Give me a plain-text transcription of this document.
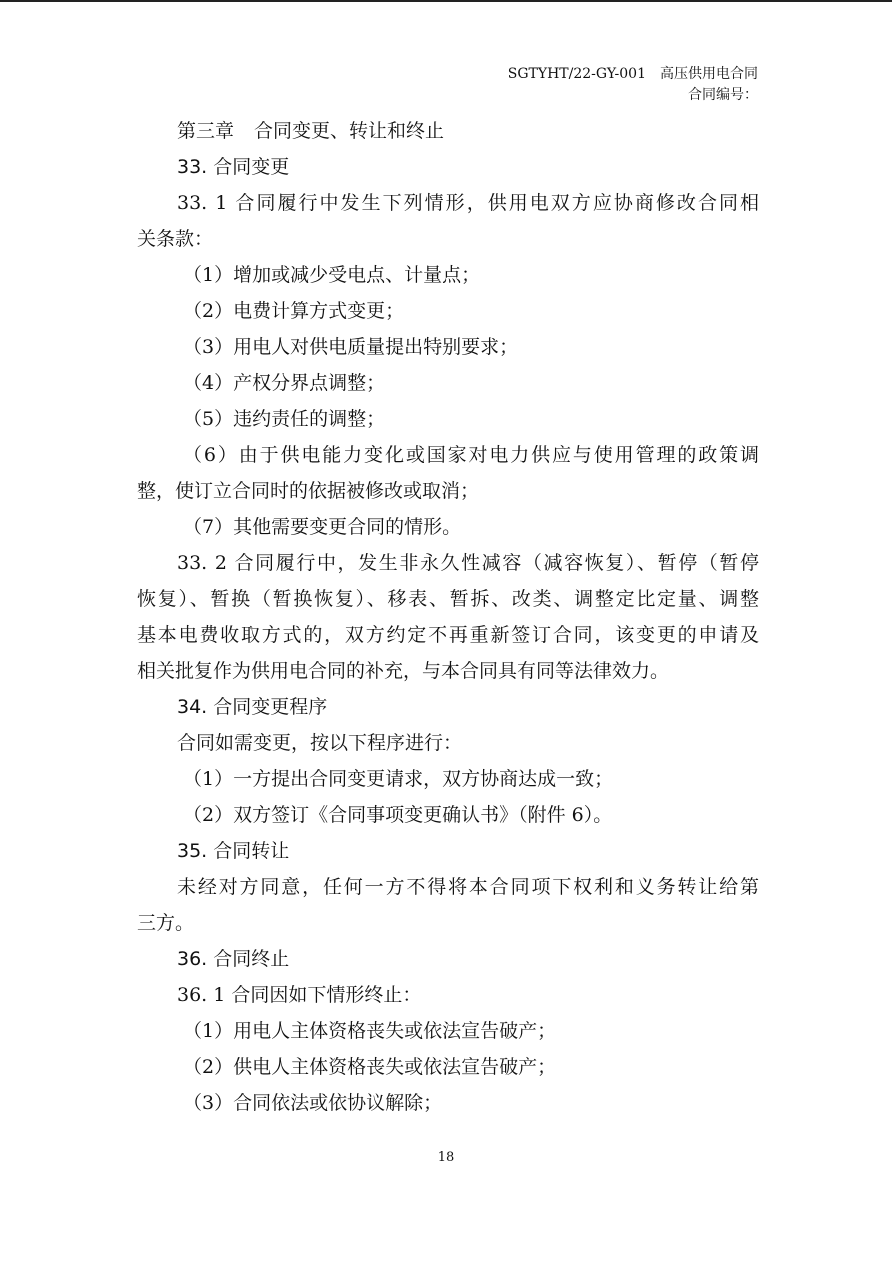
SGTYHT/22-GY-001 高压供用电合同
合同编号：
第三章 合同变更、转让和终止
33. 合同变更
33. 1 合同履行中发生下列情形，供用电双方应协商修改合同相
关条款：
（1）增加或减少受电点、计量点；
（2）电费计算方式变更；
（3）用电人对供电质量提出特别要求；
（4）产权分界点调整；
（5）违约责任的调整；
（6）由于供电能力变化或国家对电力供应与使用管理的政策调
整，使订立合同时的依据被修改或取消；
（7）其他需要变更合同的情形。
33. 2 合同履行中，发生非永久性减容（减容恢复）、暂停（暂停
恢复）、暂换（暂换恢复）、移表、暂拆、改类、调整定比定量、调整
基本电费收取方式的，双方约定不再重新签订合同，该变更的申请及
相关批复作为供用电合同的补充，与本合同具有同等法律效力。
34. 合同变更程序
合同如需变更，按以下程序进行：
（1）一方提出合同变更请求，双方协商达成一致；
（2）双方签订《合同事项变更确认书》（附件 6）。
35. 合同转让
未经对方同意，任何一方不得将本合同项下权利和义务转让给第
三方。
36. 合同终止
36. 1 合同因如下情形终止：
（1）用电人主体资格丧失或依法宣告破产；
（2）供电人主体资格丧失或依法宣告破产；
（3）合同依法或依协议解除；
18
